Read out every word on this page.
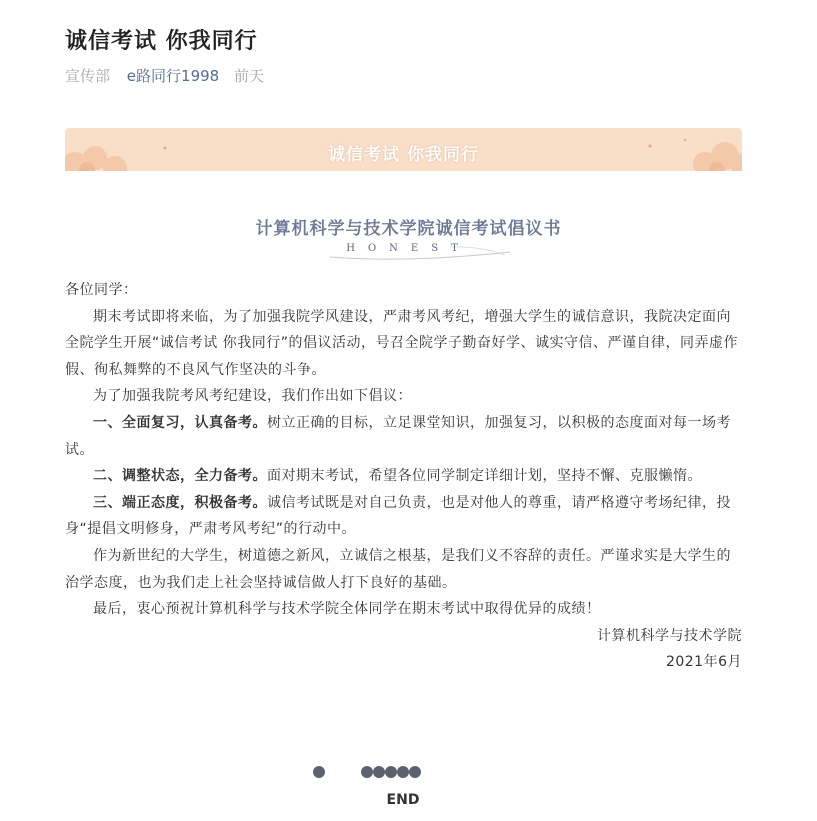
诚信考试 你我同行
宣传部 e路同行1998 前天
诚信考试 你我同行
计算机科学与技术学院诚信考试倡议书
HONEST

各位同学：

期末考试即将来临，为了加强我院学风建设，严肃考风考纪，增强大学生的诚信意识，我院决定面向全院学生开展“诚信考试 你我同行”的倡议活动，号召全院学子勤奋好学、诚实守信、严谨自律，同弄虚作假、徇私舞弊的不良风气作坚决的斗争。

为了加强我院考风考纪建设，我们作出如下倡议：

一、全面复习，认真备考。树立正确的目标，立足课堂知识，加强复习，以积极的态度面对每一场考试。

二、调整状态，全力备考。面对期末考试，希望各位同学制定详细计划，坚持不懈、克服懒惰。

三、端正态度，积极备考。诚信考试既是对自己负责，也是对他人的尊重，请严格遵守考场纪律，投身“提倡文明修身，严肃考风考纪”的行动中。

作为新世纪的大学生，树道德之新风，立诚信之根基，是我们义不容辞的责任。严谨求实是大学生的治学态度，也为我们走上社会坚持诚信做人打下良好的基础。

最后，衷心预祝计算机科学与技术学院全体同学在期末考试中取得优异的成绩！

计算机科学与技术学院

2021年6月

END
